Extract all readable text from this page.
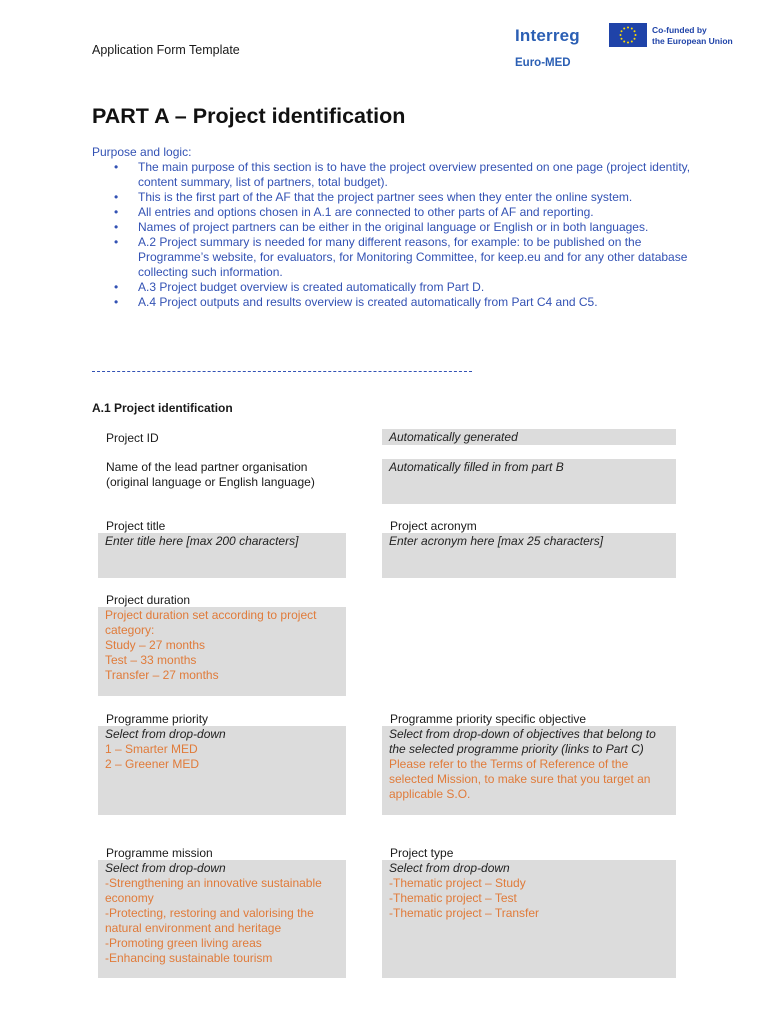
Application Form Template
Interreg
Euro-MED
Co-funded by
the European Union
PART A – Project identification
Purpose and logic:
• The main purpose of this section is to have the project overview presented on one page (project identity, content summary, list of partners, total budget).
• This is the first part of the AF that the project partner sees when they enter the online system.
• All entries and options chosen in A.1 are connected to other parts of AF and reporting.
• Names of project partners can be either in the original language or English or in both languages.
• A.2 Project summary is needed for many different reasons, for example: to be published on the Programme’s website, for evaluators, for Monitoring Committee, for keep.eu and for any other database collecting such information.
• A.3 Project budget overview is created automatically from Part D.
• A.4 Project outputs and results overview is created automatically from Part C4 and C5.
A.1 Project identification
Project ID	Automatically generated
Name of the lead partner organisation (original language or English language)
Automatically filled in from part B
Project title
Enter title here [max 200 characters]
Project acronym
Enter acronym here [max 25 characters]
Project duration
Project duration set according to project category:
Study – 27 months
Test – 33 months
Transfer – 27 months
Programme priority
Select from drop-down
1 – Smarter MED
2 – Greener MED
Programme priority specific objective
Select from drop-down of objectives that belong to the selected programme priority (links to Part C)
Please refer to the Terms of Reference of the selected Mission, to make sure that you target an applicable S.O.
Programme mission
Select from drop-down
-Strengthening an innovative sustainable economy
-Protecting, restoring and valorising the natural environment and heritage
-Promoting green living areas
-Enhancing sustainable tourism
Project type
Select from drop-down
-Thematic project – Study
-Thematic project – Test
-Thematic project – Transfer
